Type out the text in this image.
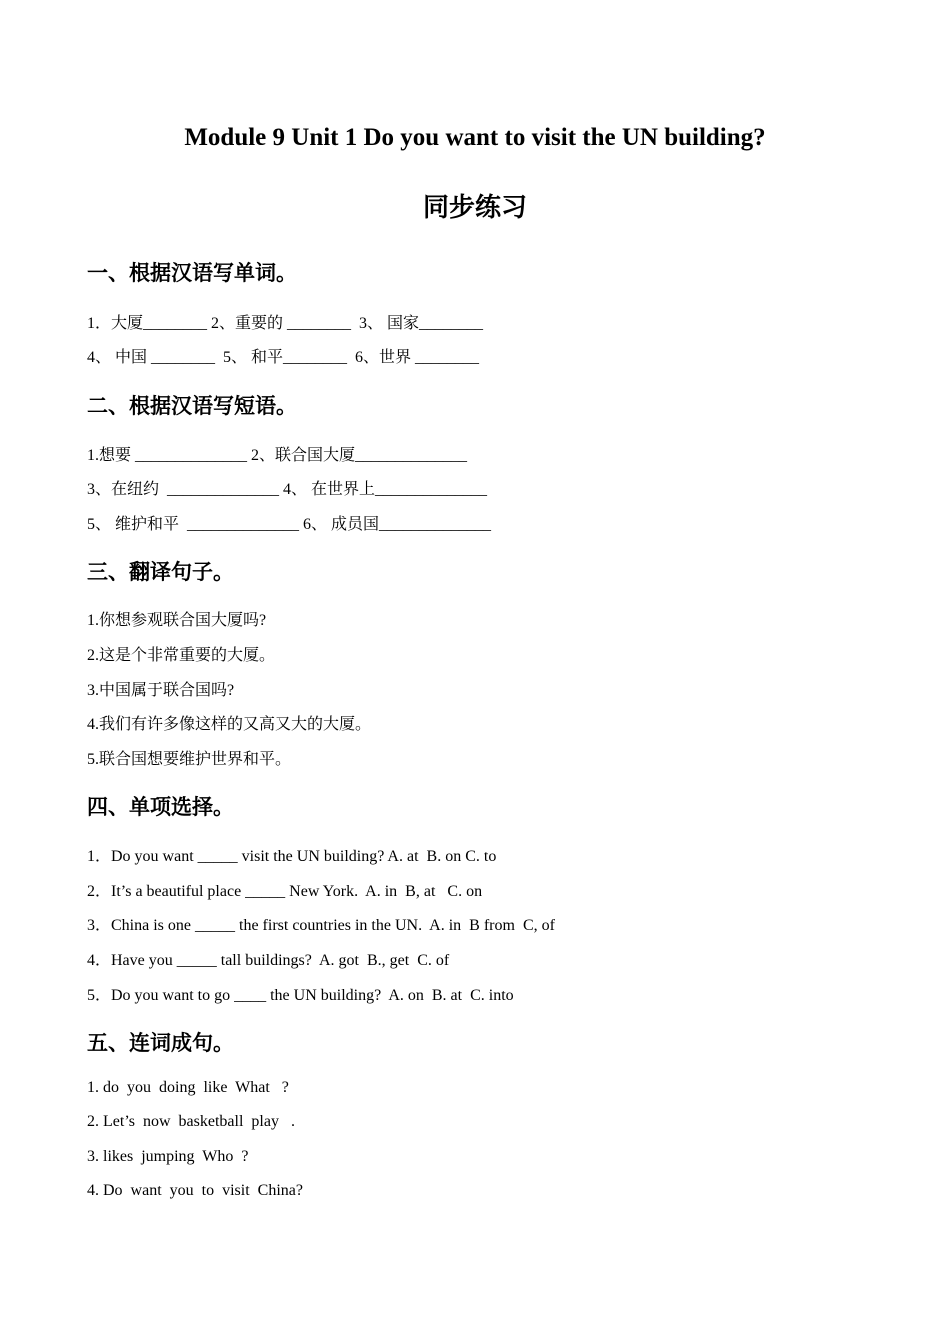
Module 9 Unit 1 Do you want to visit the UN building?
同步练习
一、根据汉语写单词。
1．大厦________ 2、重要的 ________  3、 国家________
4、 中国 ________  5、 和平________  6、世界 ________
二、根据汉语写短语。
1.想要 ______________ 2、联合国大厦______________
3、在纽约  ______________ 4、 在世界上______________
5、 维护和平  ______________ 6、 成员国______________
三、翻译句子。
1.你想参观联合国大厦吗?
2.这是个非常重要的大厦。
3.中国属于联合国吗?
4.我们有许多像这样的又高又大的大厦。
5.联合国想要维护世界和平。
四、单项选择。
1．Do you want _____ visit the UN building? A. at  B. on C. to
2．It’s a beautiful place _____ New York.  A. in  B, at   C. on
3．China is one _____ the first countries in the UN.  A. in  B from  C, of
4．Have you _____ tall buildings?  A. got  B., get  C. of
5．Do you want to go ____ the UN building?  A. on  B. at  C. into
五、连词成句。
1. do  you  doing  like  What   ?
2. Let’s  now  basketball  play   .
3. likes  jumping  Who  ?
4. Do  want  you  to  visit  China?
